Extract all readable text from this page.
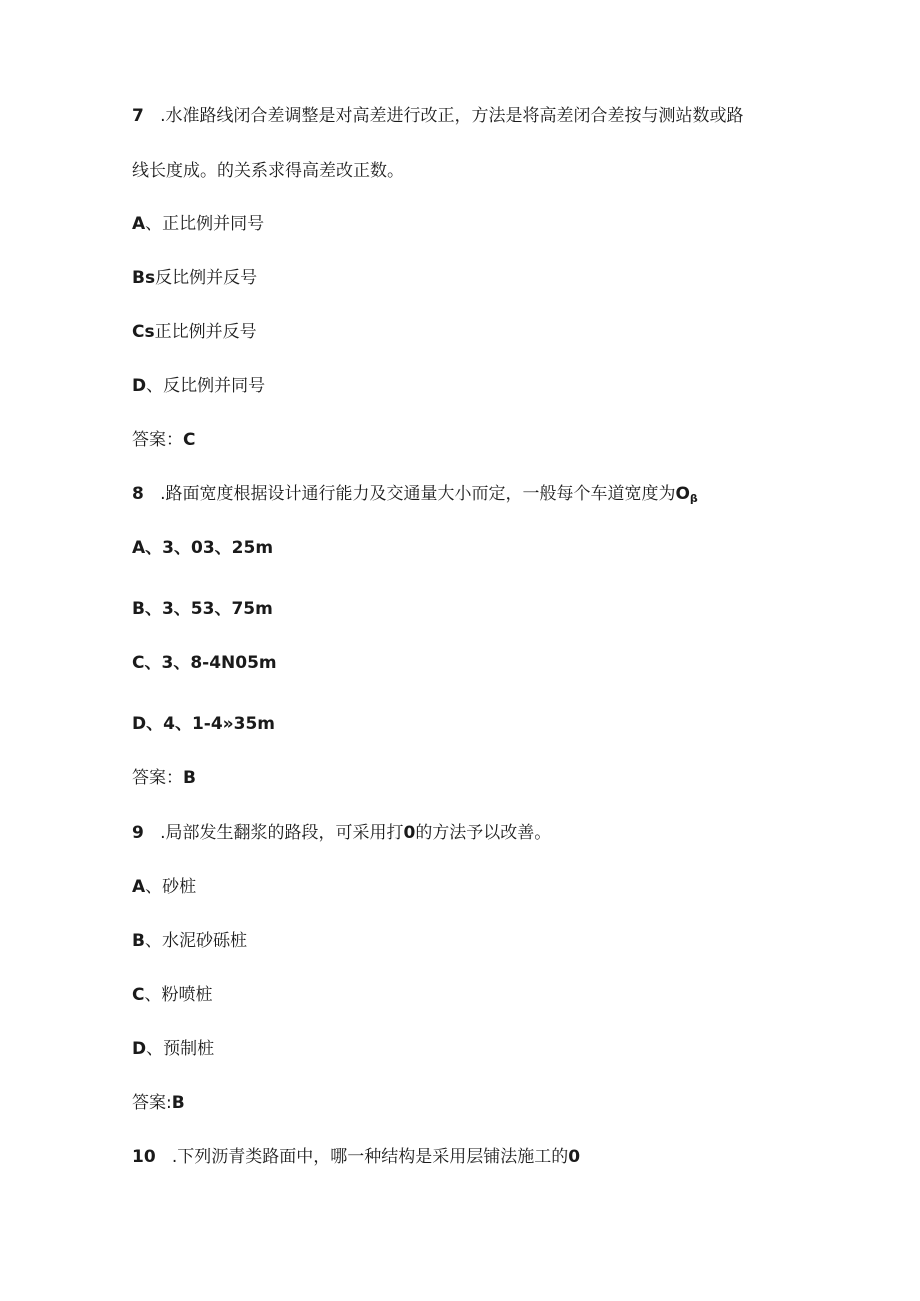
7 .水准路线闭合差调整是对高差进行改正，方法是将高差闭合差按与测站数或路
线长度成。的关系求得高差改正数。
A、正比例并同号
Bs反比例并反号
Cs正比例并反号
D、反比例并同号
答案：C
8 .路面宽度根据设计通行能力及交通量大小而定，一般每个车道宽度为$O_\beta$
A、3、03、25m
B、3、53、75m
C、3、8-4N05m
D、4、1-4»35m
答案：B
9 .局部发生翻浆的路段，可采用打0的方法予以改善。
A、砂桩
B、水泥砂砾桩
C、粉喷桩
D、预制桩
答案:B
10 .下列沥青类路面中，哪一种结构是采用层铺法施工的0
